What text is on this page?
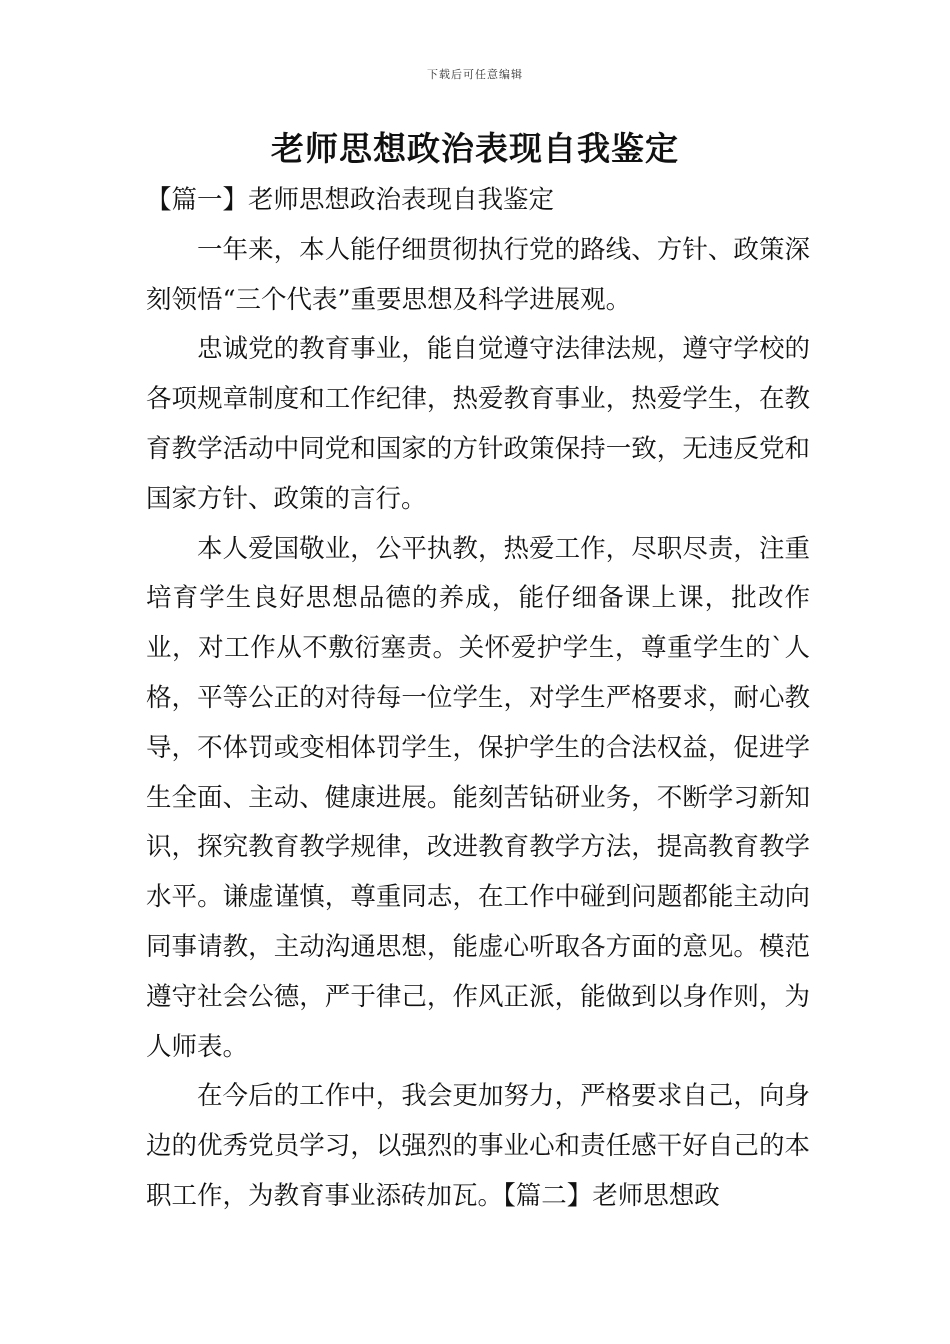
下载后可任意编辑
老师思想政治表现自我鉴定

【篇一】老师思想政治表现自我鉴定

一年来，本人能仔细贯彻执行党的路线、方针、政策深刻领悟“三个代表”重要思想及科学进展观。

忠诚党的教育事业，能自觉遵守法律法规，遵守学校的各项规章制度和工作纪律，热爱教育事业，热爱学生，在教育教学活动中同党和国家的方针政策保持一致，无违反党和国家方针、政策的言行。

本人爱国敬业，公平执教，热爱工作，尽职尽责，注重培育学生良好思想品德的养成，能仔细备课上课，批改作业，对工作从不敷衍塞责。关怀爱护学生，尊重学生的`人格，平等公正的对待每一位学生，对学生严格要求，耐心教导，不体罚或变相体罚学生，保护学生的合法权益，促进学生全面、主动、健康进展。能刻苦钻研业务，不断学习新知识，探究教育教学规律，改进教育教学方法，提高教育教学水平。谦虚谨慎，尊重同志，在工作中碰到问题都能主动向同事请教，主动沟通思想，能虚心听取各方面的意见。模范遵守社会公德，严于律己，作风正派，能做到以身作则，为人师表。

在今后的工作中，我会更加努力，严格要求自己，向身边的优秀党员学习，以强烈的事业心和责任感干好自己的本职工作，为教育事业添砖加瓦。【篇二】老师思想政
